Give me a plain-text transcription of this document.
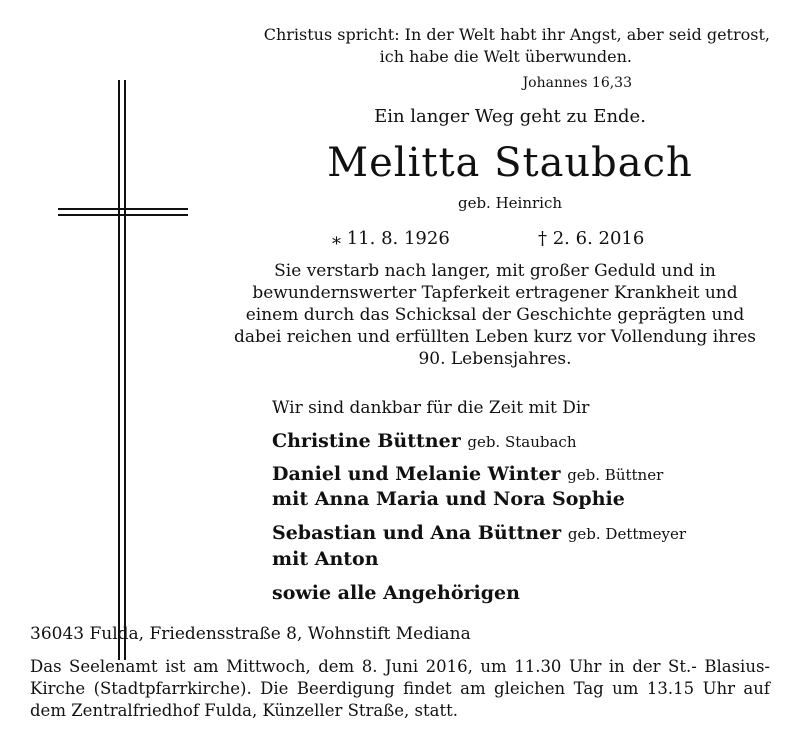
Christus spricht: In der Welt habt ihr Angst, aber seid getrost,
ich habe die Welt überwunden.
Johannes 16,33
Ein langer Weg geht zu Ende.
Melitta Staubach
geb. Heinrich
⁎ 11. 8. 1926	† 2. 6. 2016
Sie verstarb nach langer, mit großer Geduld und in bewundernswerter Tapferkeit ertragener Krankheit und einem durch das Schicksal der Geschichte geprägten und dabei reichen und erfüllten Leben kurz vor Vollendung ihres 90. Lebensjahres.
Wir sind dankbar für die Zeit mit Dir
Christine Büttner geb. Staubach
Daniel und Melanie Winter geb. Büttner
mit Anna Maria und Nora Sophie
Sebastian und Ana Büttner geb. Dettmeyer
mit Anton
sowie alle Angehörigen
36043 Fulda, Friedensstraße 8, Wohnstift Mediana
Das Seelenamt ist am Mittwoch, dem 8. Juni 2016, um 11.30 Uhr in der St.- Blasius-Kirche (Stadtpfarrkirche). Die Beerdigung findet am gleichen Tag um 13.15 Uhr auf dem Zentralfriedhof Fulda, Künzeller Straße, statt.
